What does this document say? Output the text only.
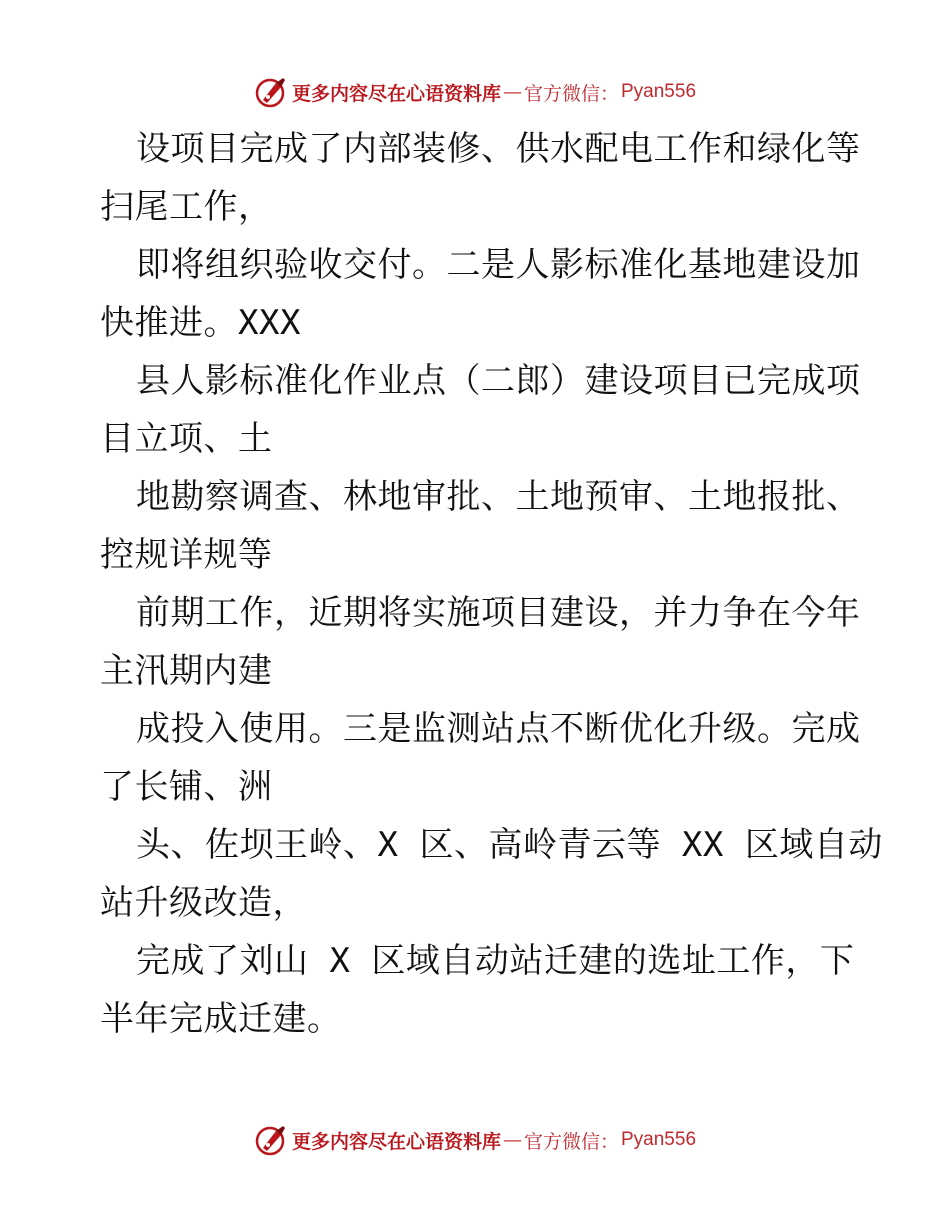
更多内容尽在心语资料库 — 官方微信： Pyan556
设项目完成了内部装修、供水配电工作和绿化等
扫尾工作，
即将组织验收交付。二是人影标准化基地建设加
快推进。XXX
县人影标准化作业点（二郎）建设项目已完成项
目立项、土
地勘察调查、林地审批、土地预审、土地报批、
控规详规等
前期工作，近期将实施项目建设，并力争在今年
主汛期内建
成投入使用。三是监测站点不断优化升级。完成
了长铺、洲
头、佐坝王岭、X 区、高岭青云等 XX 区域自动
站升级改造，
完成了刘山 X 区域自动站迁建的选址工作，下
半年完成迁建。
更多内容尽在心语资料库 — 官方微信： Pyan556
